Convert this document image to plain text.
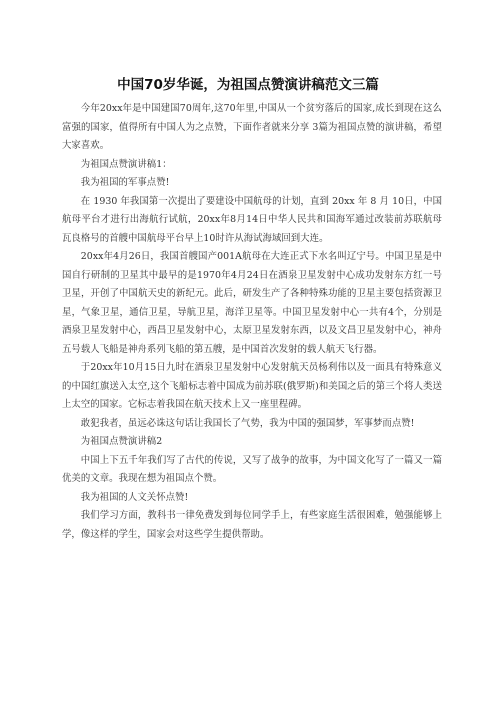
中国70岁华诞，为祖国点赞演讲稿范文三篇

今年20xx年是中国建国70周年,这70年里,中国从一个贫穷落后的国家,成长到现在这么富强的国家，值得所有中国人为之点赞，下面作者就来分享 3篇为祖国点赞的演讲稿，希望大家喜欢。

为祖国点赞演讲稿1：

我为祖国的军事点赞!

在 1930 年我国第一次提出了要建设中国航母的计划，直到 20xx 年 8 月 10日，中国航母平台才进行出海航行试航，20xx年8月14日中华人民共和国海军通过改装前苏联航母瓦良格号的首艘中国航母平台早上10时许从海试海域回到大连。

20xx年4月26日，我国首艘国产001A航母在大连正式下水名叫辽宁号。中国卫星是中国自行研制的卫星其中最早的是1970年4月24日在酒泉卫星发射中心成功发射东方红一号卫星，开创了中国航天史的新纪元。此后，研发生产了各种特殊功能的卫星主要包括资源卫星，气象卫星，通信卫星，导航卫星，海洋卫星等。中国卫星发射中心一共有4个，分别是酒泉卫星发射中心，西昌卫星发射中心，太原卫星发射东西，以及文昌卫星发射中心，神舟五号载人飞船是神舟系列飞船的第五艘，是中国首次发射的载人航天飞行器。

于20xx年10月15日九时在酒泉卫星发射中心发射航天员杨利伟以及一面具有特殊意义的中国红旗送入太空,这个飞船标志着中国成为前苏联(俄罗斯)和美国之后的第三个将人类送上太空的国家。它标志着我国在航天技术上又一座里程碑。

敢犯我者，虽远必诛这句话让我国长了气势，我为中国的强国梦，军事梦而点赞!

为祖国点赞演讲稿2

中国上下五千年我们写了古代的传说，又写了战争的故事，为中国文化写了一篇又一篇优美的文章。我现在想为祖国点个赞。

我为祖国的人文关怀点赞!

我们学习方面，教科书一律免费发到每位同学手上，有些家庭生活很困难，勉强能够上学，像这样的学生，国家会对这些学生提供帮助。
